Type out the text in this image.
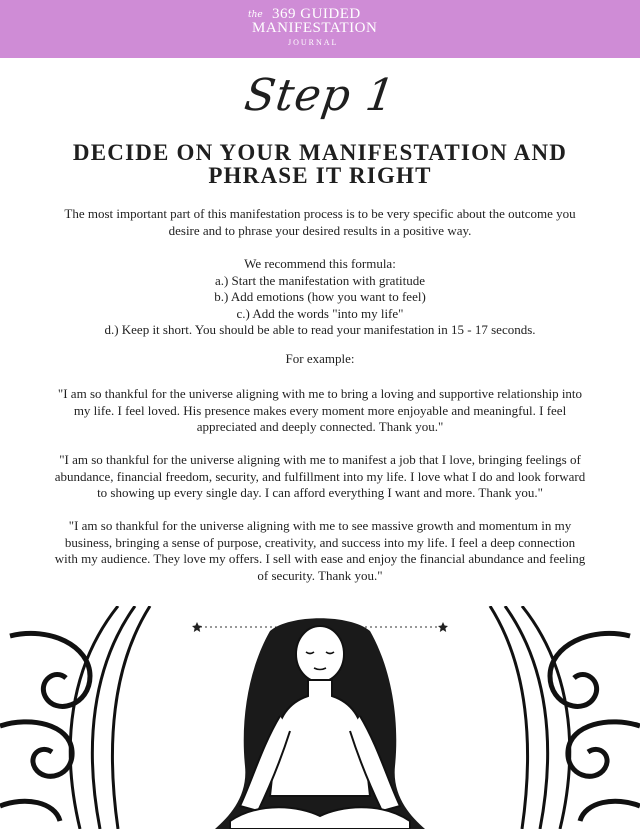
the 369 GUIDED
MANIFESTATION
JOURNAL
Step 1
DECIDE ON YOUR MANIFESTATION AND PHRASE IT RIGHT

The most important part of this manifestation process is to be very specific about the outcome you desire and to phrase your desired results in a positive way.

We recommend this formula:
a.) Start the manifestation with gratitude
b.) Add emotions (how you want to feel)
c.) Add the words "into my life"
d.) Keep it short. You should be able to read your manifestation in 15 - 17 seconds.

For example:

"I am so thankful for the universe aligning with me to bring a loving and supportive relationship into my life. I feel loved. His presence makes every moment more enjoyable and meaningful. I feel appreciated and deeply connected. Thank you."

"I am so thankful for the universe aligning with me to manifest a job that I love, bringing feelings of abundance, financial freedom, security, and fulfillment into my life. I love what I do and look forward to showing up every single day. I can afford everything I want and more. Thank you."

"I am so thankful for the universe aligning with me to see massive growth and momentum in my business, bringing a sense of purpose, creativity, and success into my life. I feel a deep connection with my audience. They love my offers. I sell with ease and enjoy the financial abundance and feeling of security. Thank you."
